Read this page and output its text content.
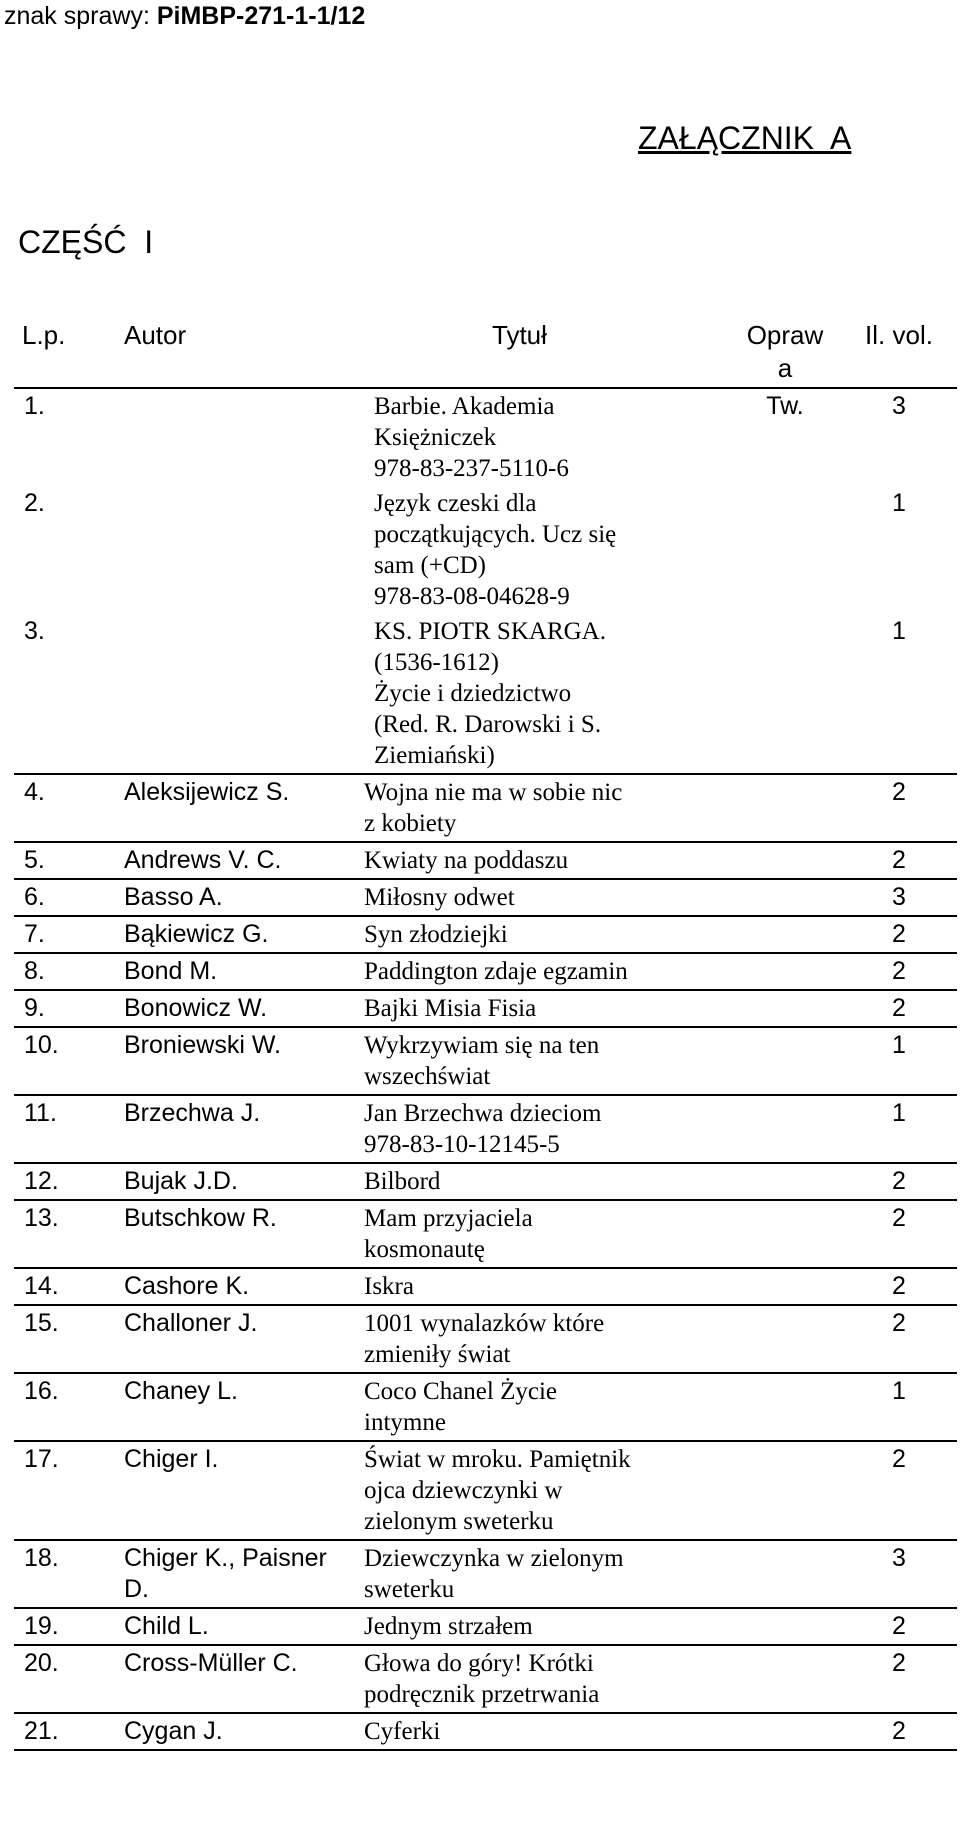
znak sprawy: PiMBP-271-1-1/12
ZAŁĄCZNIK  A
CZĘŚĆ  I
L.p.	Autor	Tytuł	Opraw a	Il. vol.

1.		Barbie. Akademia
Księżniczek
978-83-237-5110-6	Tw.	3

2.		Język czeski dla
początkujących. Ucz się
sam (+CD)
978-83-08-04628-9		1

3.		KS. PIOTR SKARGA.
(1536-1612)
Życie i dziedzictwo
(Red. R. Darowski i S.
Ziemiański)		1

4.	Aleksijewicz S.	Wojna nie ma w sobie nic
z kobiety		2

5.	Andrews V. C.	Kwiaty na poddaszu		2

6.	Basso A.	Miłosny odwet		3

7.	Bąkiewicz G.	Syn złodziejki		2

8.	Bond M.	Paddington zdaje egzamin		2

9.	Bonowicz W.	Bajki Misia Fisia		2

10.	Broniewski W.	Wykrzywiam się na ten
wszechświat		1

11.	Brzechwa J.	Jan Brzechwa dzieciom
978-83-10-12145-5		1

12.	Bujak J.D.	Bilbord		2

13.	Butschkow R.	Mam przyjaciela
kosmonautę		2

14.	Cashore K.	Iskra		2

15.	Challoner J.	1001 wynalazków które
zmieniły świat		2

16.	Chaney L.	Coco Chanel Życie
intymne		1

17.	Chiger I.	Świat w mroku. Pamiętnik
ojca dziewczynki w
zielonym sweterku		2

18.	Chiger K., Paisner
D.	Dziewczynka w zielonym
sweterku		3

19.	Child L.	Jednym strzałem		2

20.	Cross-Müller C.	Głowa do góry! Krótki
podręcznik przetrwania		2

21.	Cygan J.	Cyferki		2
